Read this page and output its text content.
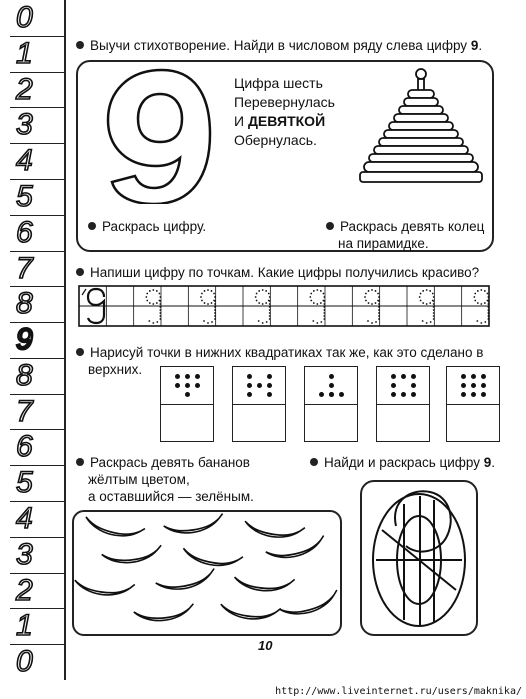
0
1
2
3
4
5
6
7
8
9
8
7
6
5
4
3
2
1
0
Выучи стихотворение. Найди в числовом ряду слева цифру 9.
Цифра шесть
Перевернулась
И ДЕВЯТКОЙ
Обернулась.
Раскрась цифру.	Раскрась девять колец
на пирамидке.
Напиши цифру по точкам. Какие цифры получились красиво?
Нарисуй точки в нижних квадратиках так же, как это сделано в
верхних.
Раскрась девять бананов
жёлтым цветом,
а оставшийся — зелёным.
Найди и раскрась цифру 9.
10
http://www.liveinternet.ru/users/maknika/
